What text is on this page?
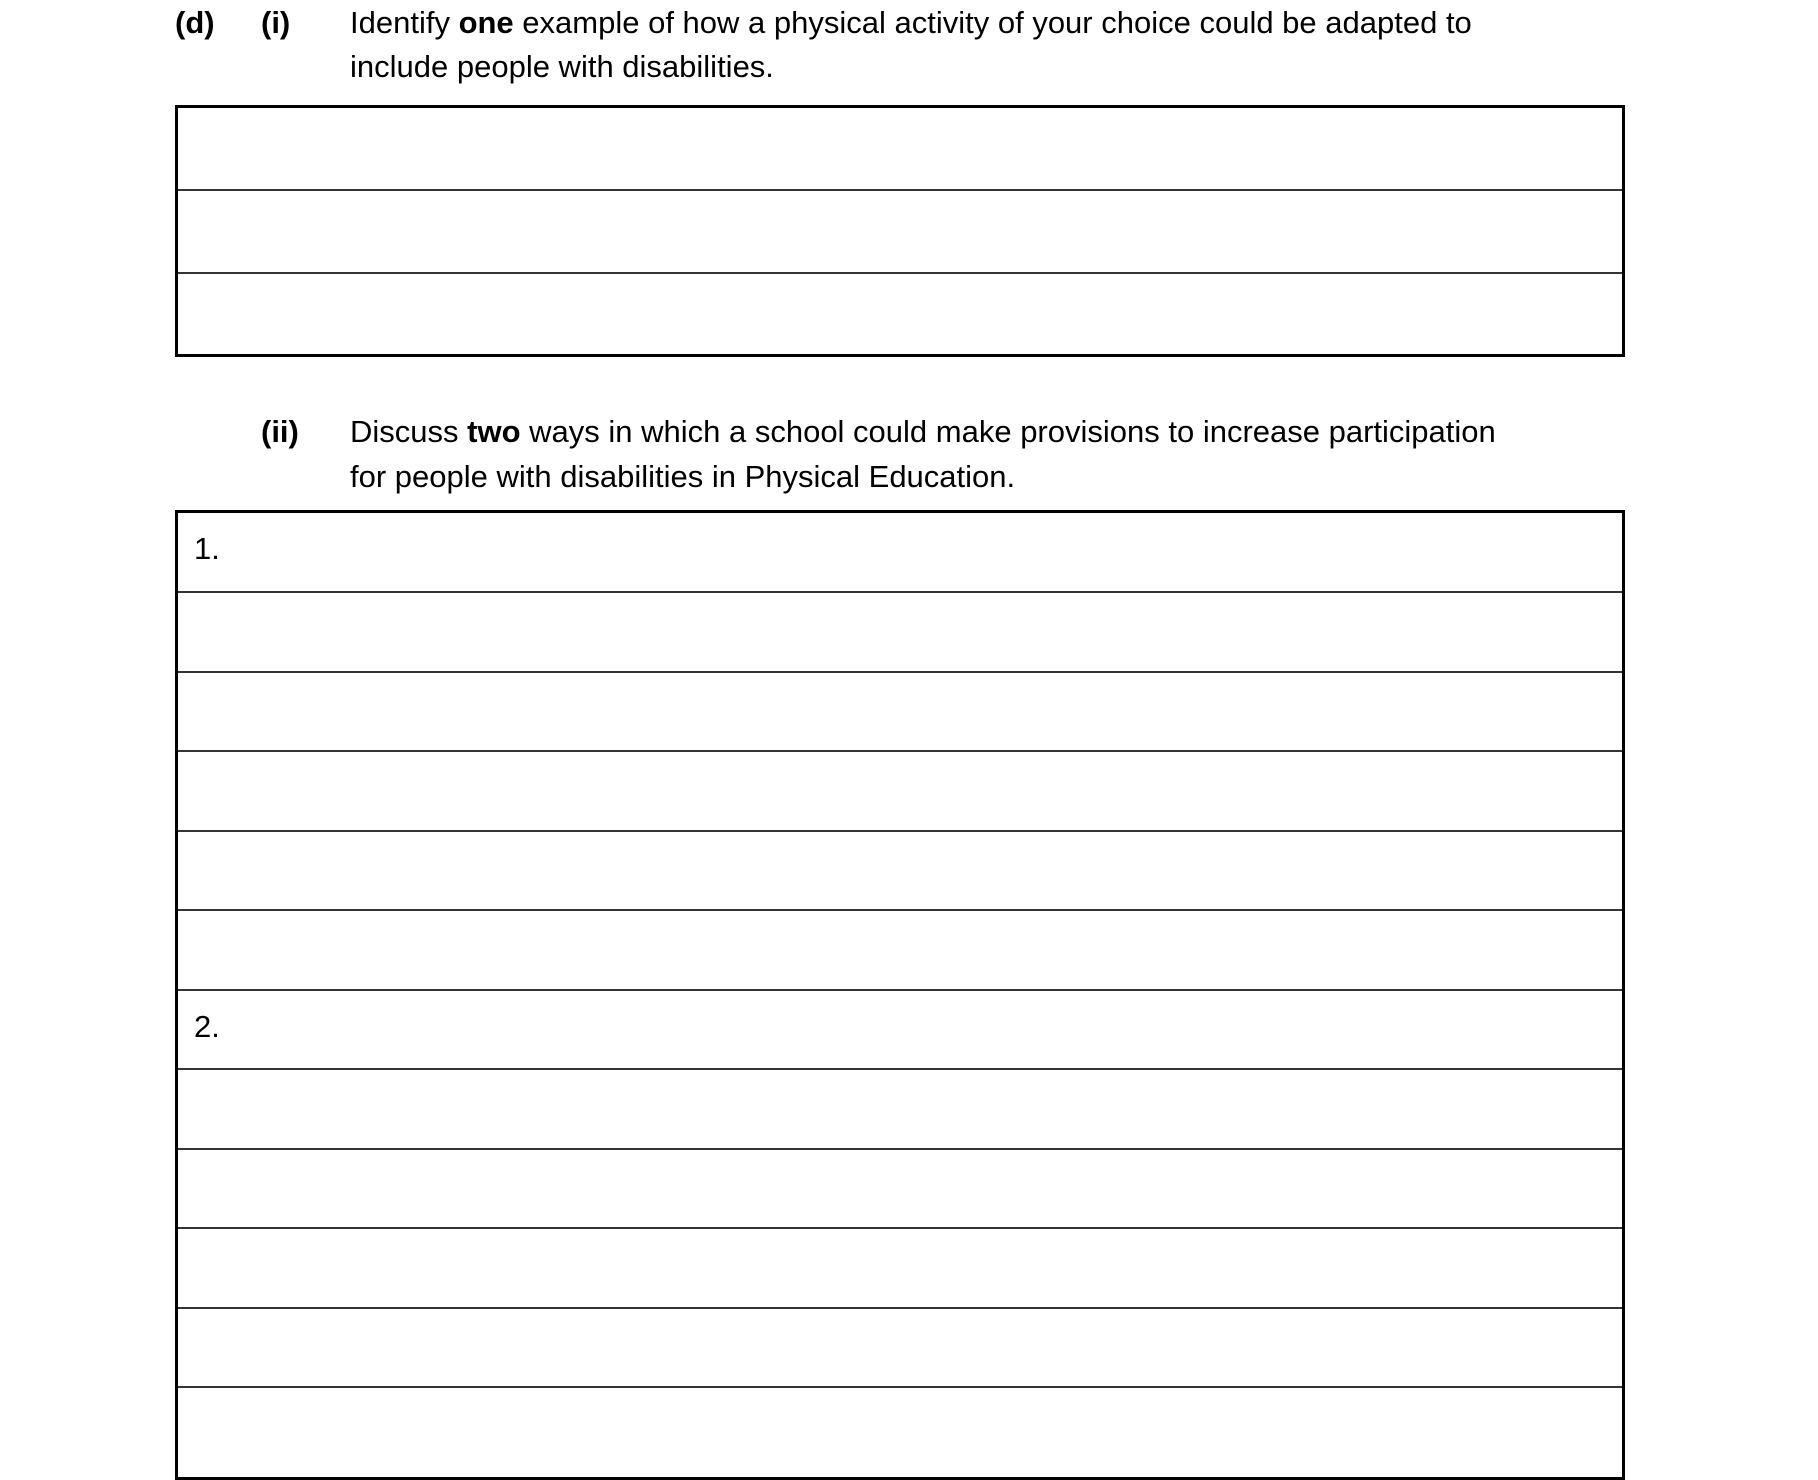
(d) (i) Identify one example of how a physical activity of your choice could be adapted to
include people with disabilities.
(ii) Discuss two ways in which a school could make provisions to increase participation
for people with disabilities in Physical Education.
1.
2.
